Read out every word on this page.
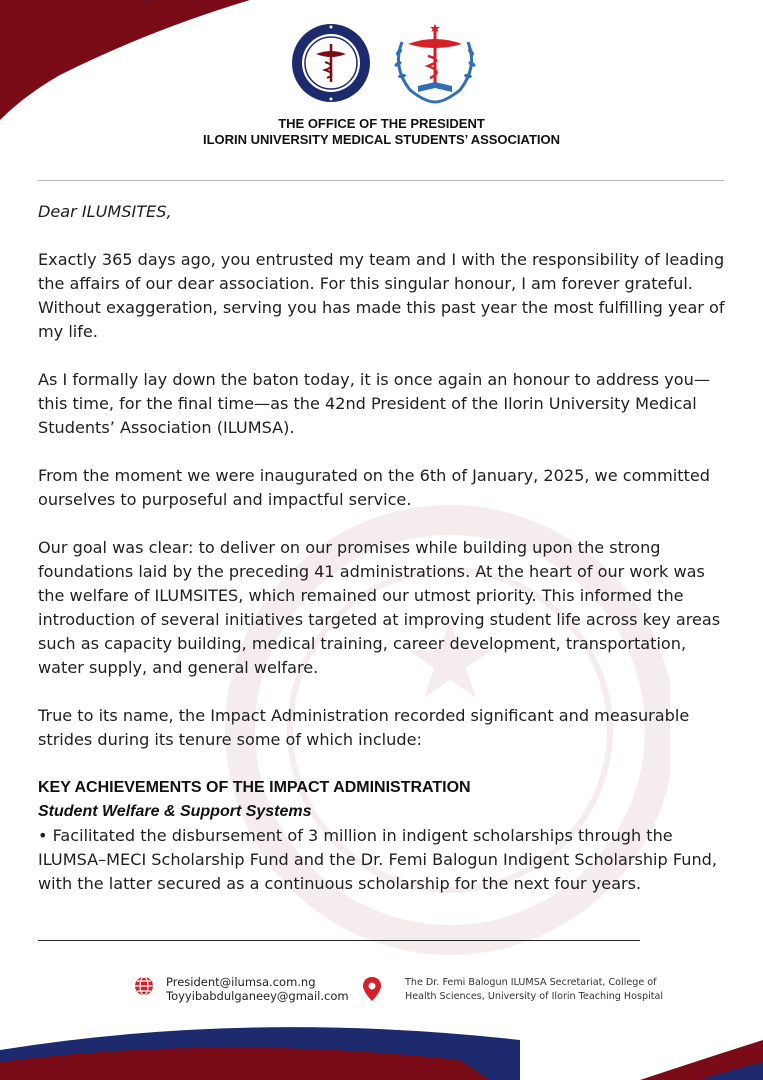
THE OFFICE OF THE PRESIDENT
ILORIN UNIVERSITY MEDICAL STUDENTS’ ASSOCIATION

Dear ILUMSITES,

Exactly 365 days ago, you entrusted my team and I with the responsibility of leading the affairs of our dear association. For this singular honour, I am forever grateful. Without exaggeration, serving you has made this past year the most fulfilling year of my life.

As I formally lay down the baton today, it is once again an honour to address you—this time, for the final time—as the 42nd President of the Ilorin University Medical Students’ Association (ILUMSA).

From the moment we were inaugurated on the 6th of January, 2025, we committed ourselves to purposeful and impactful service.

Our goal was clear: to deliver on our promises while building upon the strong foundations laid by the preceding 41 administrations. At the heart of our work was the welfare of ILUMSITES, which remained our utmost priority. This informed the introduction of several initiatives targeted at improving student life across key areas such as capacity building, medical training, career development, transportation, water supply, and general welfare.

True to its name, the Impact Administration recorded significant and measurable strides during its tenure some of which include:

KEY ACHIEVEMENTS OF THE IMPACT ADMINISTRATION
Student Welfare & Support Systems
• Facilitated the disbursement of ￼3 million in indigent scholarships through the ILUMSA–MECI Scholarship Fund and the Dr. Femi Balogun Indigent Scholarship Fund, with the latter secured as a continuous scholarship for the next four years.
President@ilumsa.com.ng
Toyyibabdulganeey@gmail.com
The Dr. Femi Balogun ILUMSA Secretariat, College of
Health Sciences, University of Ilorin Teaching Hospital
